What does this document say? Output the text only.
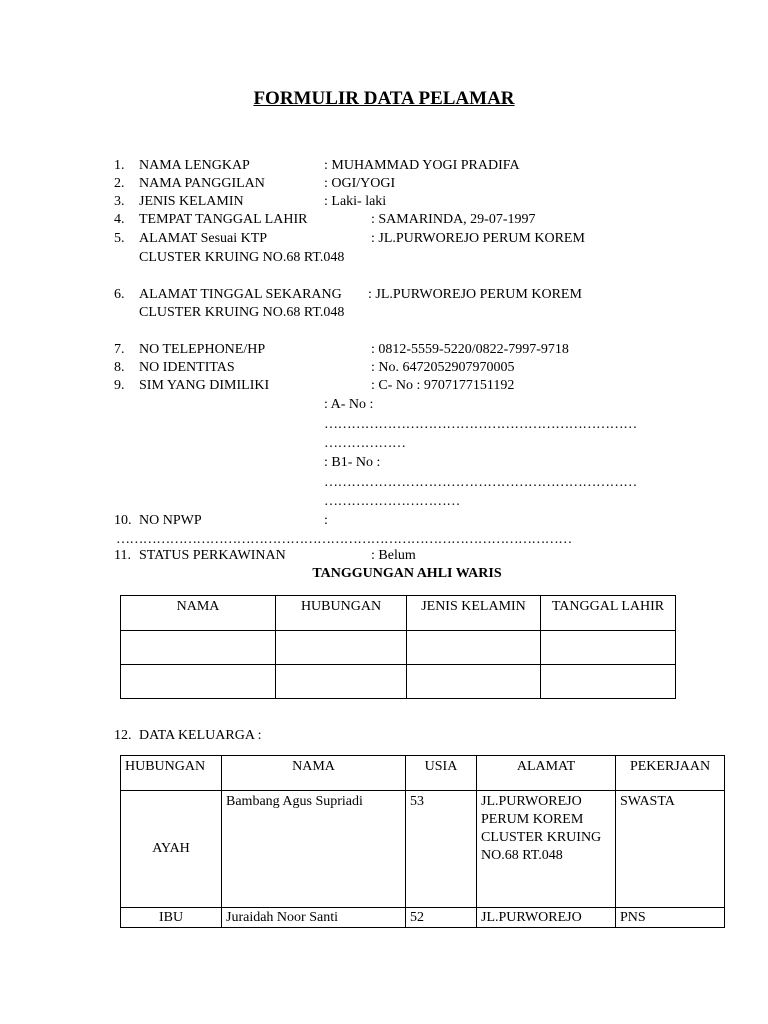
FORMULIR DATA PELAMAR
1. NAMA LENGKAP	: MUHAMMAD YOGI PRADIFA
2. NAMA PANGGILAN	: OGI/YOGI
3. JENIS KELAMIN	: Laki- laki
4. TEMPAT TANGGAL LAHIR	: SAMARINDA, 29-07-1997
5. ALAMAT Sesuai KTP	: JL.PURWOREJO PERUM KOREM
CLUSTER KRUING NO.68 RT.048
6. ALAMAT TINGGAL SEKARANG : JL.PURWOREJO PERUM KOREM
CLUSTER KRUING NO.68 RT.048
7. NO TELEPHONE/HP	: 0812-5559-5220/0822-7997-9718
8. NO IDENTITAS	: No. 6472052907970005
9. SIM YANG DIMILIKI	: C- No : 9707177151192
: A- No :
……………………………………………………………
………………
: B1- No :
……………………………………………………………
…………………………
10. NO NPWP	:
…………………………………………………………………………………………
11. STATUS PERKAWINAN	: Belum
TANGGUNGAN AHLI WARIS
NAMA	HUBUNGAN	JENIS KELAMIN	TANGGAL LAHIR

12. DATA KELUARGA :
HUBUNGAN	NAMA	USIA	ALAMAT	PEKERJAAN
AYAH	Bambang Agus Supriadi	53	JL.PURWOREJO PERUM KOREM CLUSTER KRUING NO.68 RT.048	SWASTA
IBU	Juraidah Noor Santi	52	JL.PURWOREJO	PNS
